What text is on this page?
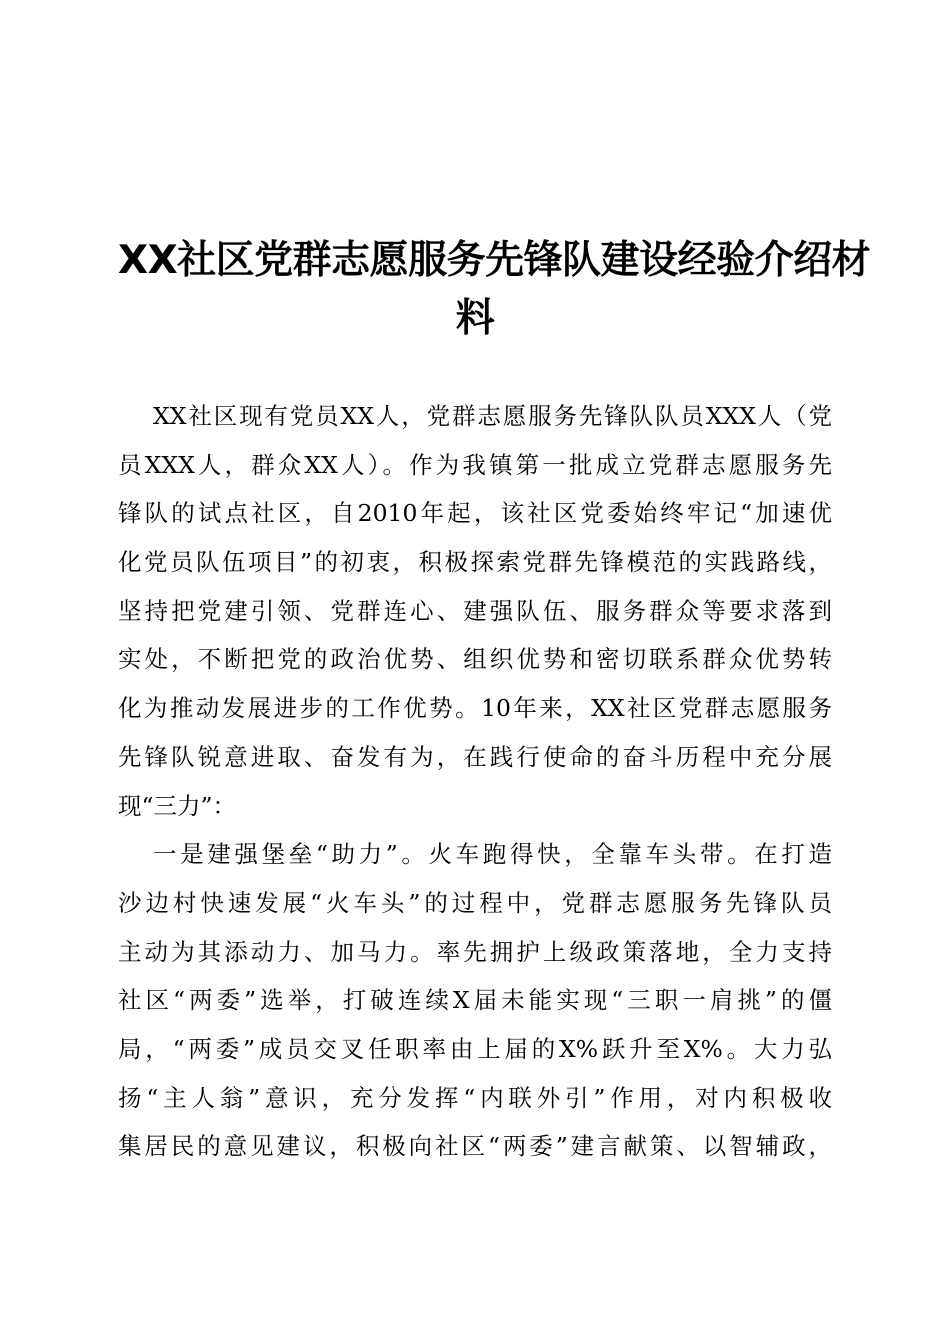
XX社区党群志愿服务先锋队建设经验介绍材
料
XX社区现有党员XX人，党群志愿服务先锋队队员XXX人（党
员XXX人，群众XX人）。作为我镇第一批成立党群志愿服务先
锋队的试点社区，自2010年起，该社区党委始终牢记“加速优
化党员队伍项目”的初衷，积极探索党群先锋模范的实践路线，
坚持把党建引领、党群连心、建强队伍、服务群众等要求落到
实处，不断把党的政治优势、组织优势和密切联系群众优势转
化为推动发展进步的工作优势。10年来，XX社区党群志愿服务
先锋队锐意进取、奋发有为，在践行使命的奋斗历程中充分展
现“三力”：
一是建强堡垒“助力”。火车跑得快，全靠车头带。在打造
沙边村快速发展“火车头”的过程中，党群志愿服务先锋队员
主动为其添动力、加马力。率先拥护上级政策落地，全力支持
社区“两委”选举，打破连续X届未能实现“三职一肩挑”的僵
局，“两委”成员交叉任职率由上届的X%跃升至X%。大力弘
扬“主人翁”意识，充分发挥“内联外引”作用，对内积极收
集居民的意见建议，积极向社区“两委”建言献策、以智辅政，
